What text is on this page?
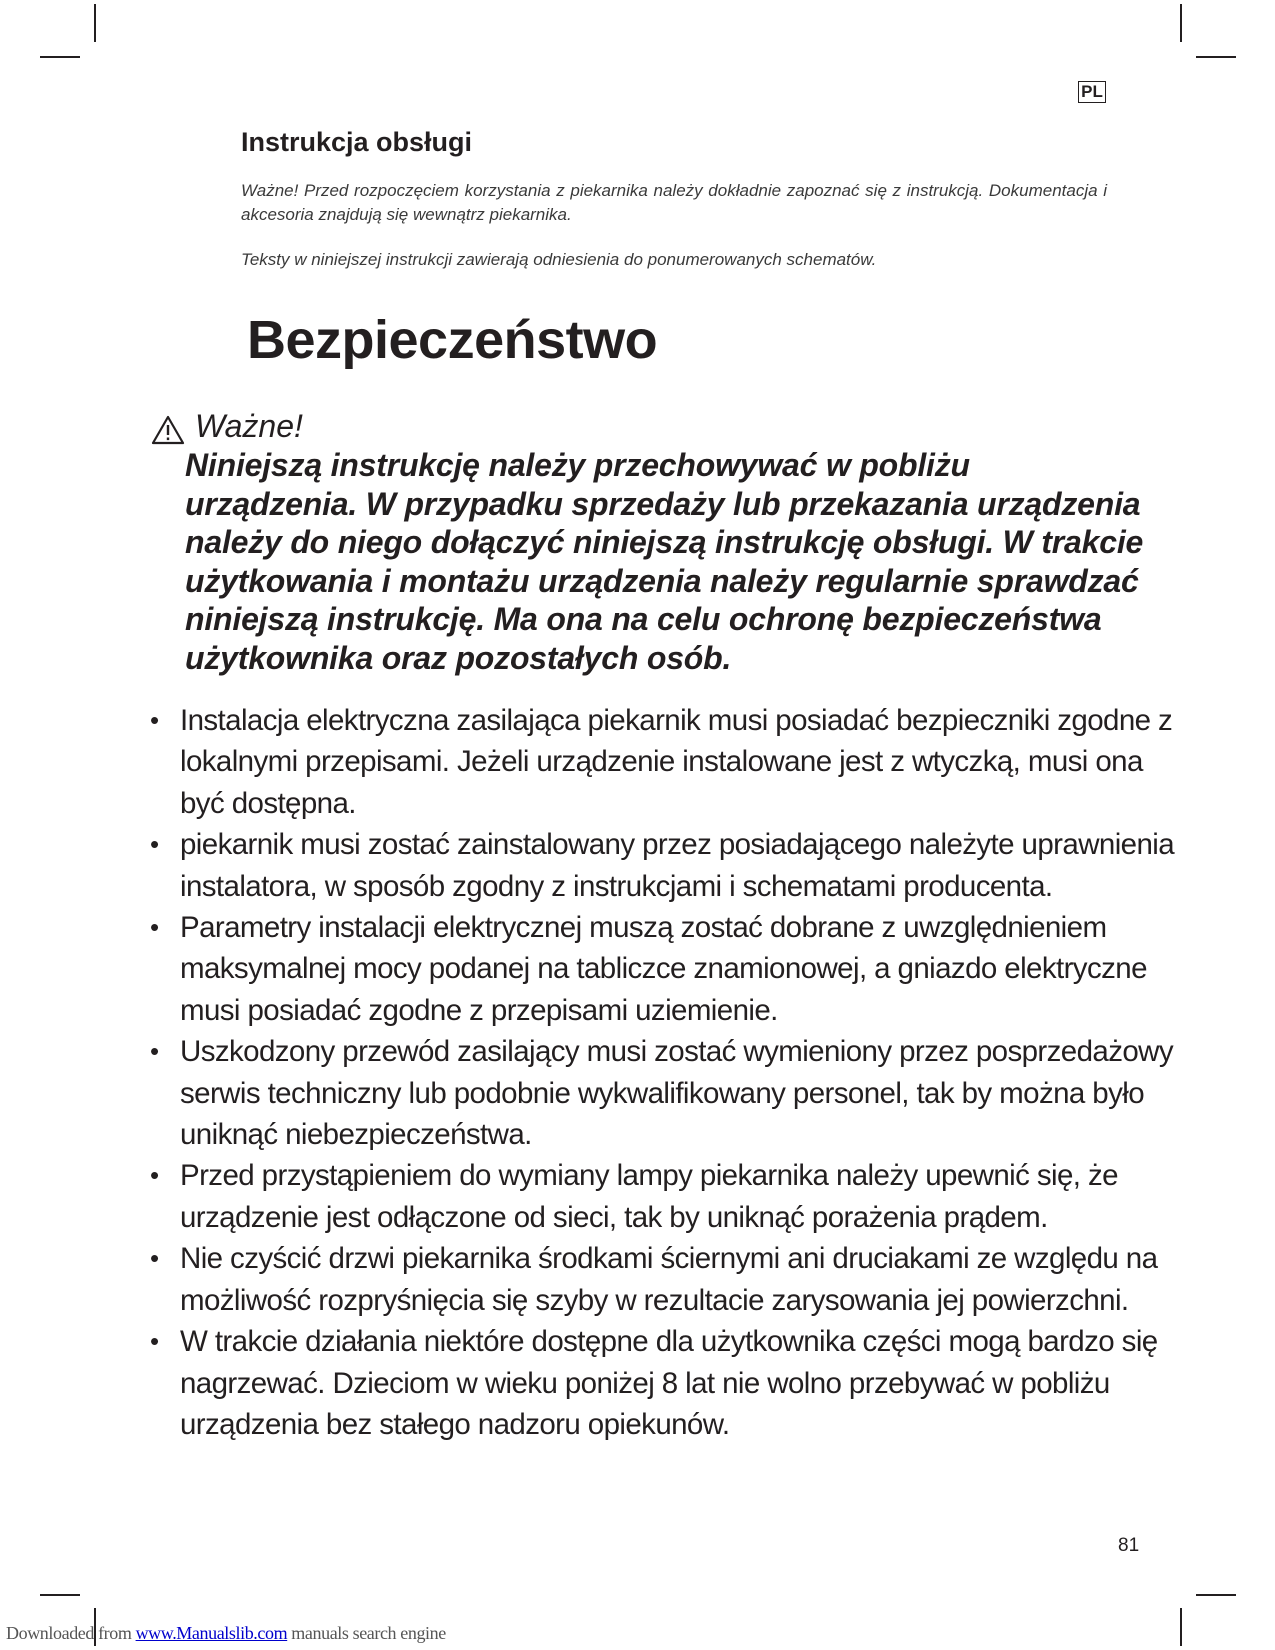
PL
Instrukcja obsługi

Ważne! Przed rozpoczęciem korzystania z piekarnika należy dokładnie zapoznać się z instrukcją. Dokumentacja i akcesoria znajdują się wewnątrz piekarnika.

Teksty w niniejszej instrukcji zawierają odniesienia do ponumerowanych schematów.

Bezpieczeństwo
Ważne!

Niniejszą instrukcję należy przechowywać w pobliżu urządzenia. W przypadku sprzedaży lub przekazania urządzenia należy do niego dołączyć niniejszą instrukcję obsługi. W trakcie użytkowania i montażu urządzenia należy regularnie sprawdzać niniejszą instrukcję. Ma ona na celu ochronę bezpieczeństwa użytkownika oraz pozostałych osób.

• Instalacja elektryczna zasilająca piekarnik musi posiadać bezpieczniki zgodne z lokalnymi przepisami. Jeżeli urządzenie instalowane jest z wtyczką, musi ona być dostępna.
• piekarnik musi zostać zainstalowany przez posiadającego należyte uprawnienia instalatora, w sposób zgodny z instrukcjami i schematami producenta.
• Parametry instalacji elektrycznej muszą zostać dobrane z uwzględnieniem maksymalnej mocy podanej na tabliczce znamionowej, a gniazdo elektryczne musi posiadać zgodne z przepisami uziemienie.
• Uszkodzony przewód zasilający musi zostać wymieniony przez posprzedażowy serwis techniczny lub podobnie wykwalifikowany personel, tak by można było uniknąć niebezpieczeństwa.
• Przed przystąpieniem do wymiany lampy piekarnika należy upewnić się, że urządzenie jest odłączone od sieci, tak by uniknąć porażenia prądem.
• Nie czyścić drzwi piekarnika środkami ściernymi ani druciakami ze względu na możliwość rozpryśnięcia się szyby w rezultacie zarysowania jej powierzchni.
• W trakcie działania niektóre dostępne dla użytkownika części mogą bardzo się nagrzewać. Dzieciom w wieku poniżej 8 lat nie wolno przebywać w pobliżu urządzenia bez stałego nadzoru opiekunów.
81
Downloaded from www.Manualslib.com manuals search engine
